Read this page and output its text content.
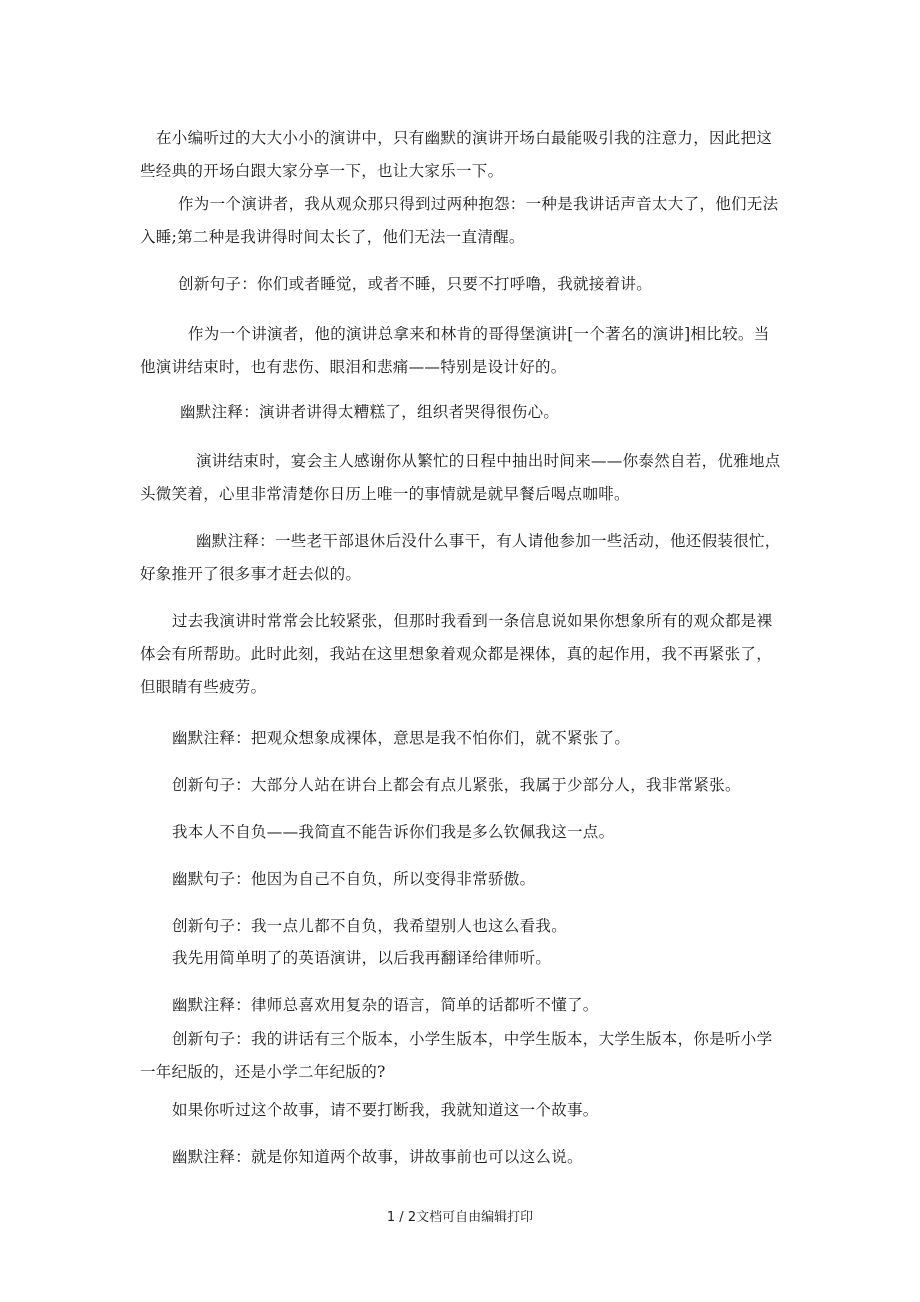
在小编听过的大大小小的演讲中，只有幽默的演讲开场白最能吸引我的注意力，因此把这些经典的开场白跟大家分享一下，也让大家乐一下。

作为一个演讲者，我从观众那只得到过两种抱怨：一种是我讲话声音太大了，他们无法入睡;第二种是我讲得时间太长了，他们无法一直清醒。

创新句子：你们或者睡觉，或者不睡，只要不打呼噜，我就接着讲。

作为一个讲演者，他的演讲总拿来和林肯的哥得堡演讲[一个著名的演讲]相比较。当他演讲结束时，也有悲伤、眼泪和悲痛——特别是设计好的。

幽默注释：演讲者讲得太糟糕了，组织者哭得很伤心。

演讲结束时，宴会主人感谢你从繁忙的日程中抽出时间来——你泰然自若，优雅地点头微笑着，心里非常清楚你日历上唯一的事情就是就早餐后喝点咖啡。

幽默注释：一些老干部退休后没什么事干，有人请他参加一些活动，他还假装很忙，好象推开了很多事才赶去似的。

过去我演讲时常常会比较紧张，但那时我看到一条信息说如果你想象所有的观众都是裸体会有所帮助。此时此刻，我站在这里想象着观众都是裸体，真的起作用，我不再紧张了，但眼睛有些疲劳。

幽默注释：把观众想象成裸体，意思是我不怕你们，就不紧张了。

创新句子：大部分人站在讲台上都会有点儿紧张，我属于少部分人，我非常紧张。

我本人不自负——我简直不能告诉你们我是多么钦佩我这一点。

幽默句子：他因为自己不自负，所以变得非常骄傲。

创新句子：我一点儿都不自负，我希望别人也这么看我。

我先用简单明了的英语演讲，以后我再翻译给律师听。

幽默注释：律师总喜欢用复杂的语言，简单的话都听不懂了。

创新句子：我的讲话有三个版本，小学生版本，中学生版本，大学生版本，你是听小学一年纪版的，还是小学二年纪版的?

如果你听过这个故事，请不要打断我，我就知道这一个故事。

幽默注释：就是你知道两个故事，讲故事前也可以这么说。

1 / 2文档可自由编辑打印
